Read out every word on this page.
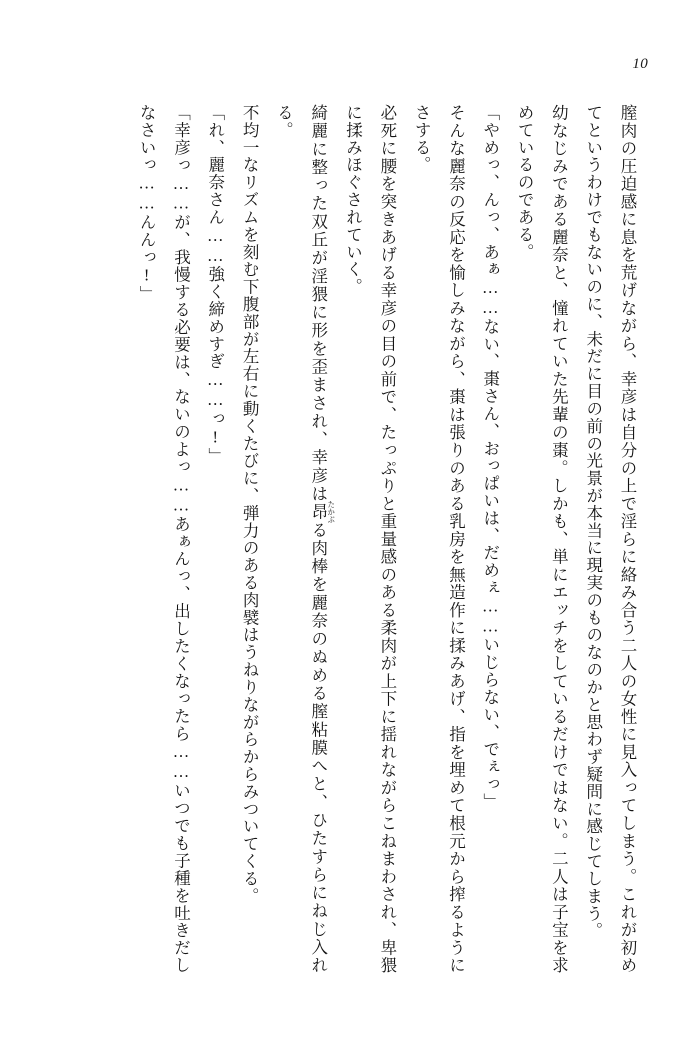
10

膣肉の圧迫感に息を荒げながら、幸彦は自分の上で淫らに絡み合う二人の女性に見入ってしまう。これが初めてというわけでもないのに、未だに目の前の光景が本当に現実のものなのかと思わず疑問に感じてしまう。

幼なじみである麗奈と、憧れていた先輩の棗。しかも、単にエッチをしているだけではない。二人は子宝を求めているのである。

「やめっ、んっ、あぁ……ない、棗さん、おっぱいは、だめぇ……いじらない、でぇっ」

そんな麗奈の反応を愉しみながら、棗は張りのある乳房を無造作に揉みあげ、指を埋めて根元から搾るようにさする。

必死に腰を突きあげる幸彦の目の前で、たっぷりと重量感のある柔肉が上下に揺れながらこねまわされ、卑猥に揉みほぐされていく。

綺麗に整った双丘が淫猥に形を歪まされ、幸彦は昂 たかぶる肉棒を麗奈のぬめる膣粘膜へと、ひたすらにねじ入れる。

不均一なリズムを刻む下腹部が左右に動くたびに、弾力のある肉襞はうねりながらからみついてくる。

「れ、麗奈さん……強く締めすぎ……っ!」

「幸彦っ……が、我慢する必要は、ないのよっ……あぁんっ、出したくなったら……いつでも子種を吐きだしなさいっ……んんっ!」
